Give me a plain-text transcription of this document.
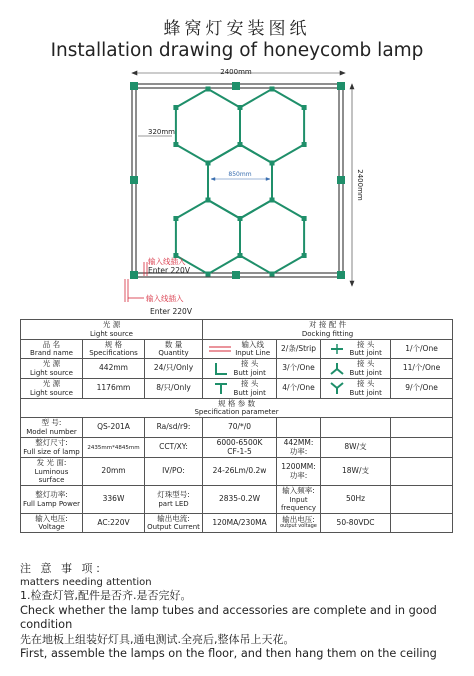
蜂窝灯安装图纸
Installation drawing of honeycomb lamp
2400mm
2400mm
320mm
850mm
输入线插入
Enter 220V
输入线插入
Enter 220V
光 源
Light source			对 接 配 件
Docking fitting			

品 名
Brand name	规 格
Specifications	数 量
Quantity	输入线
Input Line	2/条/Strip	接 头
Butt joint	1/个/One

光 源
Light source	442mm	24/只/Only	接 头
Butt joint	3/个/One	接 头
Butt joint	11/个/One

光 源
Light source	1176mm	8/只/Only	接 头
Butt joint	4/个/One	接 头
Butt joint	9/个/One

规 格 参 数
Specification parameter						

型 号:
Model number	QS-201A	Ra/sd/r9:	70/*/0			

整灯尺寸:
Full size of lamp	2435mm*4845mm	CCT/XY:	6000-6500K
CF-1-5	442MM:
功率:	8W/支	

发 光 面:
Luminous surface	20mm	IV/PO:	24-26Lm/0.2w	1200MM:
功率:	18W/支	

整灯功率:
Full Lamp Power	336W	灯珠型号:
part LED	2835-0.2W	输入频率:
Input frequency	50Hz	

输入电压:
Voltage	AC:220V	输出电流:
Output Current	120MA/230MA	输出电压:
output voltage	50-80VDC	
注 意 事 项：
matters needing attention
1.检查灯管,配件是否齐.是否完好。
Check whether the lamp tubes and accessories are complete and in good
condition
先在地板上组装好灯具,通电测试.全亮后,整体吊上天花。
First, assemble the lamps on the floor, and then hang them on the ceiling
